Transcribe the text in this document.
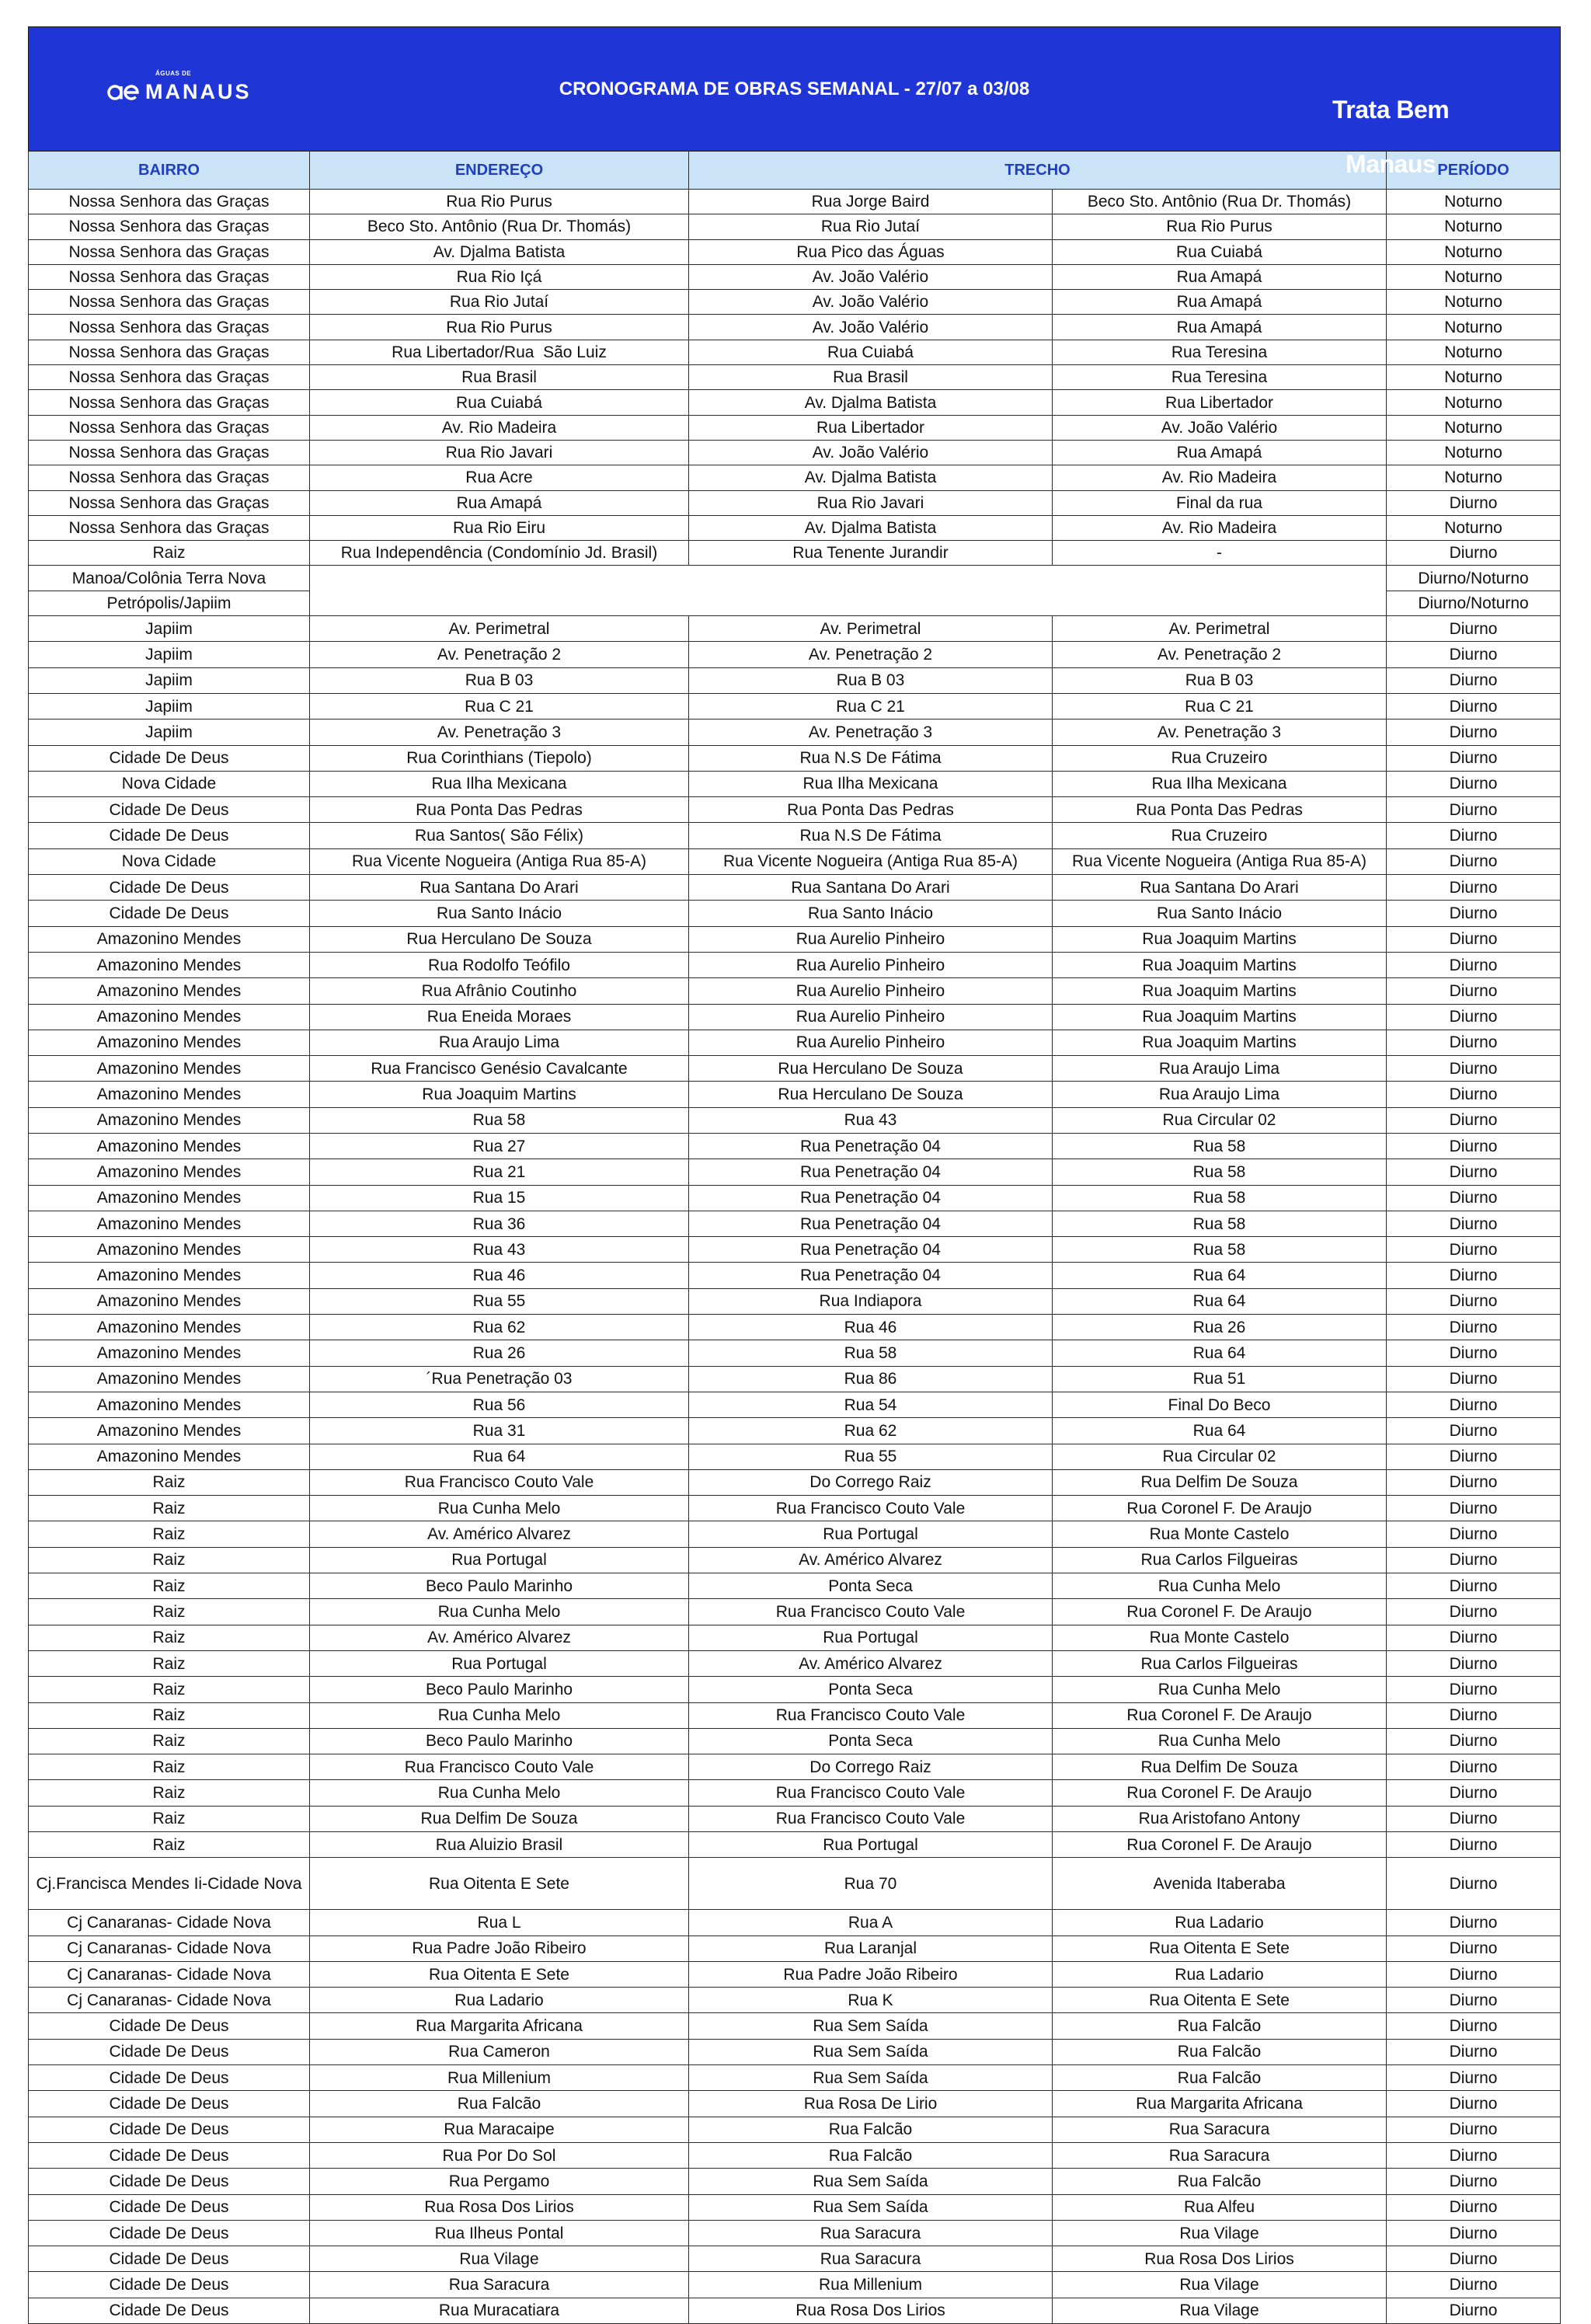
ÁGUAS DE

MANAUS

CRONOGRAMA DE OBRAS SEMANAL - 27/07 a 03/08

Trata Bem

Manaus				

BAIRRO	ENDEREÇO	TRECHO		PERÍODO
Nossa Senhora das Graças	Rua Rio Purus	Rua Jorge Baird	Beco Sto. Antônio (Rua Dr. Thomás)	Noturno
Nossa Senhora das Graças	Beco Sto. Antônio (Rua Dr. Thomás)	Rua Rio Jutaí	Rua Rio Purus	Noturno
Nossa Senhora das Graças	Av. Djalma Batista	Rua Pico das Águas	Rua Cuiabá	Noturno
Nossa Senhora das Graças	Rua Rio Içá	Av. João Valério	Rua Amapá	Noturno
Nossa Senhora das Graças	Rua Rio Jutaí	Av. João Valério	Rua Amapá	Noturno
Nossa Senhora das Graças	Rua Rio Purus	Av. João Valério	Rua Amapá	Noturno
Nossa Senhora das Graças	Rua Libertador/Rua  São Luiz	Rua Cuiabá	Rua Teresina	Noturno
Nossa Senhora das Graças	Rua Brasil	Rua Brasil	Rua Teresina	Noturno
Nossa Senhora das Graças	Rua Cuiabá	Av. Djalma Batista	Rua Libertador	Noturno
Nossa Senhora das Graças	Av. Rio Madeira	Rua Libertador	Av. João Valério	Noturno
Nossa Senhora das Graças	Rua Rio Javari	Av. João Valério	Rua Amapá	Noturno
Nossa Senhora das Graças	Rua Acre	Av. Djalma Batista	Av. Rio Madeira	Noturno
Nossa Senhora das Graças	Rua Amapá	Rua Rio Javari	Final da rua	Diurno
Nossa Senhora das Graças	Rua Rio Eiru	Av. Djalma Batista	Av. Rio Madeira	Noturno
Raiz	Rua Independência (Condomínio Jd. Brasil)	Rua Tenente Jurandir	-	Diurno
Manoa/Colônia Terra Nova				Diurno/Noturno
Petrópolis/Japiim				Diurno/Noturno
Japiim	Av. Perimetral	Av. Perimetral	Av. Perimetral	Diurno
Japiim	Av. Penetração 2	Av. Penetração 2	Av. Penetração 2	Diurno
Japiim	Rua B 03	Rua B 03	Rua B 03	Diurno
Japiim	Rua C 21	Rua C 21	Rua C 21	Diurno
Japiim	Av. Penetração 3	Av. Penetração 3	Av. Penetração 3	Diurno
Cidade De Deus	Rua Corinthians (Tiepolo)	Rua N.S De Fátima	Rua Cruzeiro	Diurno
Nova Cidade	Rua Ilha Mexicana	Rua Ilha Mexicana	Rua Ilha Mexicana	Diurno
Cidade De Deus	Rua Ponta Das Pedras	Rua Ponta Das Pedras	Rua Ponta Das Pedras	Diurno
Cidade De Deus	Rua Santos( São Félix)	Rua N.S De Fátima	Rua Cruzeiro	Diurno
Nova Cidade	Rua Vicente Nogueira (Antiga Rua 85-A)	Rua Vicente Nogueira (Antiga Rua 85-A)	Rua Vicente Nogueira (Antiga Rua 85-A)	Diurno
Cidade De Deus	Rua Santana Do Arari	Rua Santana Do Arari	Rua Santana Do Arari	Diurno
Cidade De Deus	Rua Santo Inácio	Rua Santo Inácio	Rua Santo Inácio	Diurno
Amazonino Mendes	Rua Herculano De Souza	Rua Aurelio Pinheiro	Rua Joaquim Martins	Diurno
Amazonino Mendes	Rua Rodolfo Teófilo	Rua Aurelio Pinheiro	Rua Joaquim Martins	Diurno
Amazonino Mendes	Rua Afrânio Coutinho	Rua Aurelio Pinheiro	Rua Joaquim Martins	Diurno
Amazonino Mendes	Rua Eneida Moraes	Rua Aurelio Pinheiro	Rua Joaquim Martins	Diurno
Amazonino Mendes	Rua Araujo Lima	Rua Aurelio Pinheiro	Rua Joaquim Martins	Diurno
Amazonino Mendes	Rua Francisco Genésio Cavalcante	Rua Herculano De Souza	Rua Araujo Lima	Diurno
Amazonino Mendes	Rua Joaquim Martins	Rua Herculano De Souza	Rua Araujo Lima	Diurno
Amazonino Mendes	Rua 58	Rua 43	Rua Circular 02	Diurno
Amazonino Mendes	Rua 27	Rua Penetração 04	Rua 58	Diurno
Amazonino Mendes	Rua 21	Rua Penetração 04	Rua 58	Diurno
Amazonino Mendes	Rua 15	Rua Penetração 04	Rua 58	Diurno
Amazonino Mendes	Rua 36	Rua Penetração 04	Rua 58	Diurno
Amazonino Mendes	Rua 43	Rua Penetração 04	Rua 58	Diurno
Amazonino Mendes	Rua 46	Rua Penetração 04	Rua 64	Diurno
Amazonino Mendes	Rua 55	Rua Indiapora	Rua 64	Diurno
Amazonino Mendes	Rua 62	Rua 46	Rua 26	Diurno
Amazonino Mendes	Rua 26	Rua 58	Rua 64	Diurno
Amazonino Mendes	´Rua Penetração 03	Rua 86	Rua 51	Diurno
Amazonino Mendes	Rua 56	Rua 54	Final Do Beco	Diurno
Amazonino Mendes	Rua 31	Rua 62	Rua 64	Diurno
Amazonino Mendes	Rua 64	Rua 55	Rua Circular 02	Diurno
Raiz	Rua Francisco Couto Vale	Do Corrego Raiz	Rua Delfim De Souza	Diurno
Raiz	Rua Cunha Melo	Rua Francisco Couto Vale	Rua Coronel F. De Araujo	Diurno
Raiz	Av. Américo Alvarez	Rua Portugal	Rua Monte Castelo	Diurno
Raiz	Rua Portugal	Av. Américo Alvarez	Rua Carlos Filgueiras	Diurno
Raiz	Beco Paulo Marinho	Ponta Seca	Rua Cunha Melo	Diurno
Raiz	Rua Cunha Melo	Rua Francisco Couto Vale	Rua Coronel F. De Araujo	Diurno
Raiz	Av. Américo Alvarez	Rua Portugal	Rua Monte Castelo	Diurno
Raiz	Rua Portugal	Av. Américo Alvarez	Rua Carlos Filgueiras	Diurno
Raiz	Beco Paulo Marinho	Ponta Seca	Rua Cunha Melo	Diurno
Raiz	Rua Cunha Melo	Rua Francisco Couto Vale	Rua Coronel F. De Araujo	Diurno
Raiz	Beco Paulo Marinho	Ponta Seca	Rua Cunha Melo	Diurno
Raiz	Rua Francisco Couto Vale	Do Corrego Raiz	Rua Delfim De Souza	Diurno
Raiz	Rua Cunha Melo	Rua Francisco Couto Vale	Rua Coronel F. De Araujo	Diurno
Raiz	Rua Delfim De Souza	Rua Francisco Couto Vale	Rua Aristofano Antony	Diurno
Raiz	Rua Aluizio Brasil	Rua Portugal	Rua Coronel F. De Araujo	Diurno
Cj.Francisca Mendes Ii-Cidade Nova	Rua Oitenta E Sete	Rua 70	Avenida Itaberaba	Diurno
Cj Canaranas- Cidade Nova	Rua L	Rua A	Rua Ladario	Diurno
Cj Canaranas- Cidade Nova	Rua Padre João Ribeiro	Rua Laranjal	Rua Oitenta E Sete	Diurno
Cj Canaranas- Cidade Nova	Rua Oitenta E Sete	Rua Padre João Ribeiro	Rua Ladario	Diurno
Cj Canaranas- Cidade Nova	Rua Ladario	Rua K	Rua Oitenta E Sete	Diurno
Cidade De Deus	Rua Margarita Africana	Rua Sem Saída	Rua Falcão	Diurno
Cidade De Deus	Rua Cameron	Rua Sem Saída	Rua Falcão	Diurno
Cidade De Deus	Rua Millenium	Rua Sem Saída	Rua Falcão	Diurno
Cidade De Deus	Rua Falcão	Rua Rosa De Lirio	Rua Margarita Africana	Diurno
Cidade De Deus	Rua Maracaipe	Rua Falcão	Rua Saracura	Diurno
Cidade De Deus	Rua Por Do Sol	Rua Falcão	Rua Saracura	Diurno
Cidade De Deus	Rua Pergamo	Rua Sem Saída	Rua Falcão	Diurno
Cidade De Deus	Rua Rosa Dos Lirios	Rua Sem Saída	Rua Alfeu	Diurno
Cidade De Deus	Rua Ilheus Pontal	Rua Saracura	Rua Vilage	Diurno
Cidade De Deus	Rua Vilage	Rua Saracura	Rua Rosa Dos Lirios	Diurno
Cidade De Deus	Rua Saracura	Rua Millenium	Rua Vilage	Diurno
Cidade De Deus	Rua Muracatiara	Rua Rosa Dos Lirios	Rua Vilage	Diurno
